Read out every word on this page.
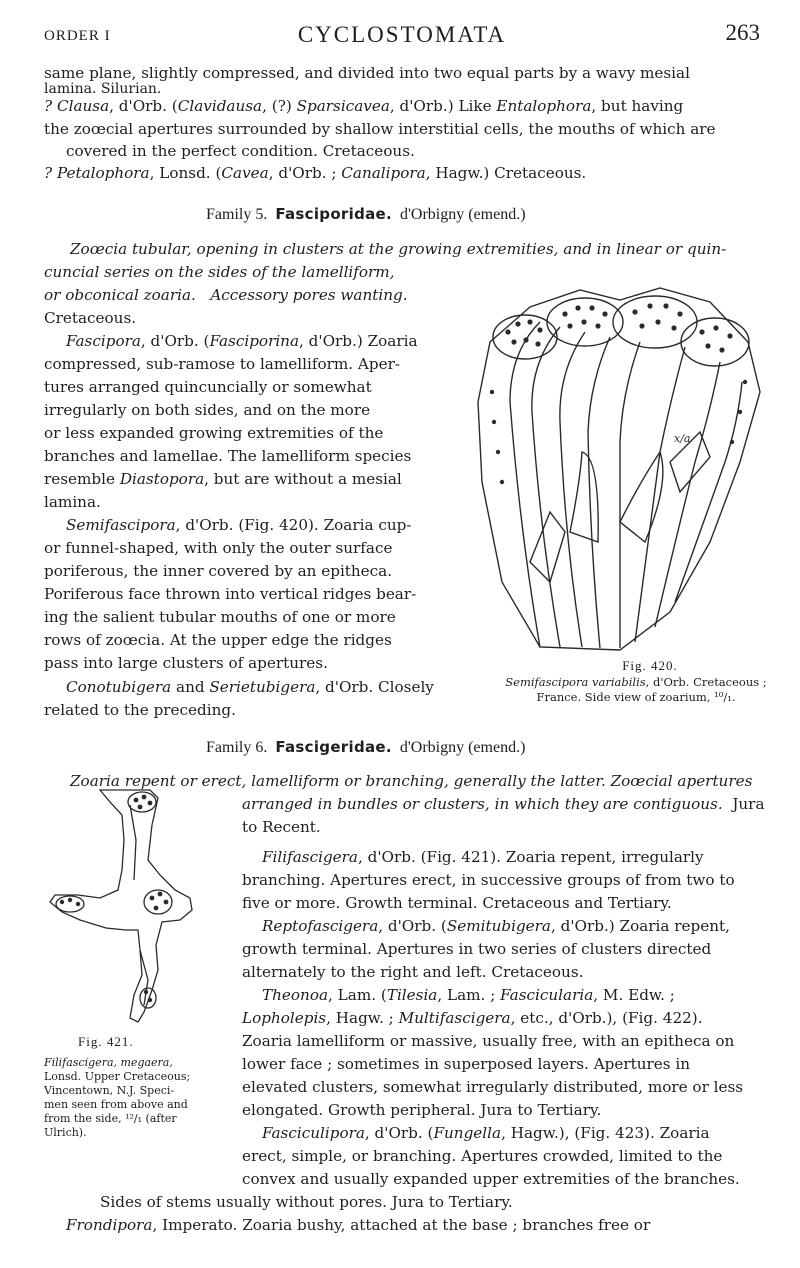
ORDER I	CYCLOSTOMATA	263
same plane, slightly compressed, and divided into two equal parts by a wavy mesial
lamina. Silurian.
? Clausa, d'Orb. (Clavidausa, (?) Sparsicavea, d'Orb.) Like Entalophora, but having
the zoœcial apertures surrounded by shallow interstitial cells, the mouths of which are
covered in the perfect condition. Cretaceous.
? Petalophora, Lonsd. (Cavea, d'Orb. ; Canalipora, Hagw.) Cretaceous.
Family 5. Fasciporidae. d'Orbigny (emend.)
Zoœcia tubular, opening in clusters at the growing extremities, and in linear or quin-
cuncial series on the sides of the lamelliform,
or obconical zoaria. Accessory pores wanting.
Cretaceous.
Fascipora, d'Orb. (Fasciporina, d'Orb.) Zoaria
compressed, sub-ramose to lamelliform. Aper-
tures arranged quincuncially or somewhat
irregularly on both sides, and on the more
or less expanded growing extremities of the
branches and lamellae. The lamelliform species
resemble Diastopora, but are without a mesial
lamina.
Semifascipora, d'Orb. (Fig. 420). Zoaria cup-
or funnel-shaped, with only the outer surface
poriferous, the inner covered by an epitheca.
Poriferous face thrown into vertical ridges bear-
ing the salient tubular mouths of one or more
rows of zoœcia. At the upper edge the ridges
pass into large clusters of apertures.
Conotubigera and Serietubigera, d'Orb. Closely
related to the preceding.
x/a
Fig. 420.
Semifascipora variabilis, d'Orb. Cretaceous ;
France. Side view of zoarium, ¹⁰/₁.
Family 6. Fascigeridae. d'Orbigny (emend.)
Zoaria repent or erect, lamelliform or branching, generally the latter. Zoœcial apertures
arranged in bundles or clusters, in which they are contiguous. Jura
to Recent.
Fig. 421.
Filifascigera, megaera,
Lonsd. Upper Cretaceous;
Vincentown, N.J. Speci-
men seen from above and
from the side, ¹²/₁ (after
Ulrich).
Filifascigera, d'Orb. (Fig. 421). Zoaria repent, irregularly
branching. Apertures erect, in successive groups of from two to
five or more. Growth terminal. Cretaceous and Tertiary.
Reptofascigera, d'Orb. (Semitubigera, d'Orb.) Zoaria repent,
growth terminal. Apertures in two series of clusters directed
alternately to the right and left. Cretaceous.
Theonoa, Lam. (Tilesia, Lam. ; Fascicularia, M. Edw. ;
Lopholepis, Hagw. ; Multifascigera, etc., d'Orb.), (Fig. 422).
Zoaria lamelliform or massive, usually free, with an epitheca on
lower face ; sometimes in superposed layers. Apertures in
elevated clusters, somewhat irregularly distributed, more or less
elongated. Growth peripheral. Jura to Tertiary.
Fasciculipora, d'Orb. (Fungella, Hagw.), (Fig. 423). Zoaria
erect, simple, or branching. Apertures crowded, limited to the
convex and usually expanded upper extremities of the branches.
Sides of stems usually without pores. Jura to Tertiary.
Frondipora, Imperato. Zoaria bushy, attached at the base ; branches free or
